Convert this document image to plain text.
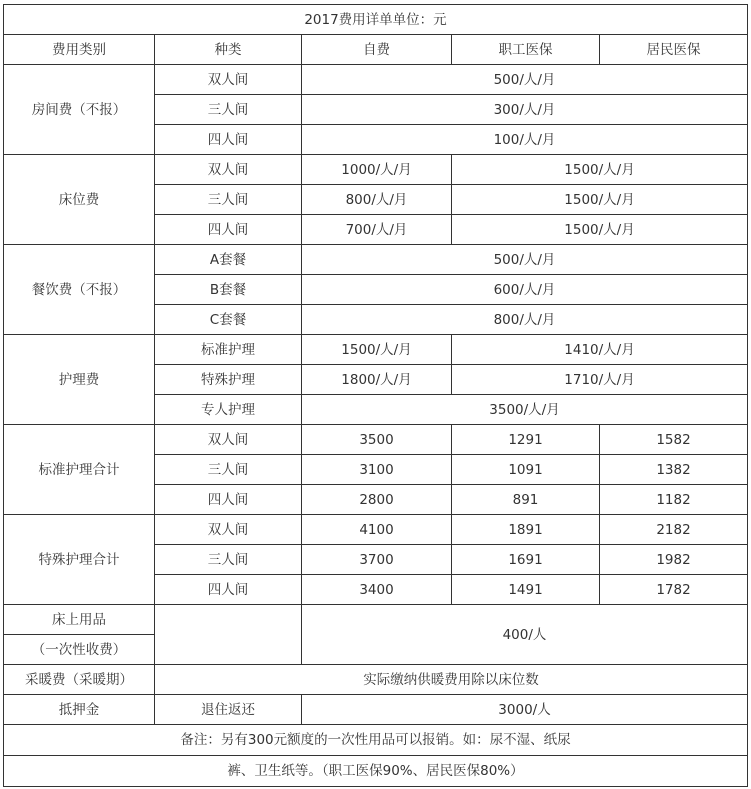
2017费用详单单位：元				
费用类别	种类	自费	职工医保	居民医保
房间费（不报）	双人间	500/人/月		
	三人间	300/人/月		
	四人间	100/人/月		
床位费	双人间	1000/人/月	1500/人/月	
	三人间	800/人/月	1500/人/月	
	四人间	700/人/月	1500/人/月	
餐饮费（不报）	A套餐	500/人/月		
	B套餐	600/人/月		
	C套餐	800/人/月		
护理费	标准护理	1500/人/月	1410/人/月	
	特殊护理	1800/人/月	1710/人/月	
	专人护理	3500/人/月		
标准护理合计	双人间	3500	1291	1582
	三人间	3100	1091	1382
	四人间	2800	891	1182
特殊护理合计	双人间	4100	1891	2182
	三人间	3700	1691	1982
	四人间	3400	1491	1782
床上用品		400/人		
（一次性收费）				
采暖费（采暖期）	实际缴纳供暖费用除以床位数			
抵押金	退住返还	3000/人		
备注：另有300元额度的一次性用品可以报销。如：尿不湿、纸尿				
裤、卫生纸等。（职工医保90%、居民医保80%）				
